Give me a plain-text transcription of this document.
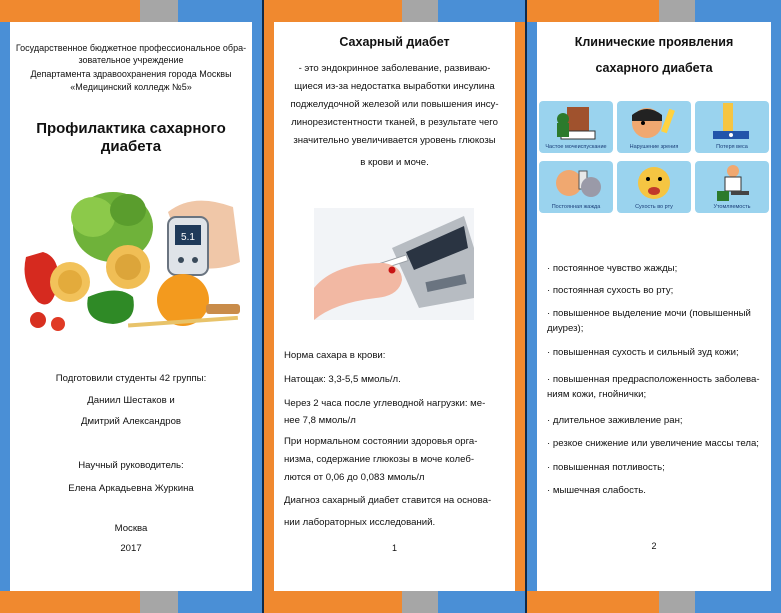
Государственное бюджетное профессиональное обра-
зовательное учреждение
Департамента здравоохранения города Москвы
«Медицинский колледж №5»
Профилактика сахарного диабета
5.1
Подготовили студенты 42 группы:
Даниил Шестаков и
Дмитрий Александров
Научный руководитель:
Елена Аркадьевна Журкина
Москва
2017
Сахарный диабет
- это эндокринное заболевание, развиваю-
щиеся из-за недостатка выработки инсулина
поджелудочной железой или повышения инсу-
линорезистентности тканей, в результате чего
значительно увеличивается уровень глюкозы
в крови и моче.
Норма сахара в крови:
Натощак: 3,3-5,5 ммоль/л.
Через 2 часа после углеводной нагрузки: ме-
нее 7,8 ммоль/л
При нормальном состоянии здоровья орга-
низма, содержание глюкозы в моче колеб-
лются от 0,06 до 0,083 ммоль/л
Диагноз сахарный диабет ставится на основа-
нии лабораторных исследований.
1
Клинические проявления
сахарного диабета
Частое мочеиспускание	Нарушение зрения	Потеря веса
Постоянная жажда	Сухость во рту	Утомляемость
· постоянное чувство жажды;
· постоянная сухость во рту;
· повышенное выделение мочи (повышенный
диурез);
· повышенная сухость и сильный зуд кожи;
· повышенная предрасположенность заболева-
ниям кожи, гнойнички;
· длительное заживление ран;
· резкое снижение или увеличение массы тела;
· повышенная потливость;
· мышечная слабость.
2
